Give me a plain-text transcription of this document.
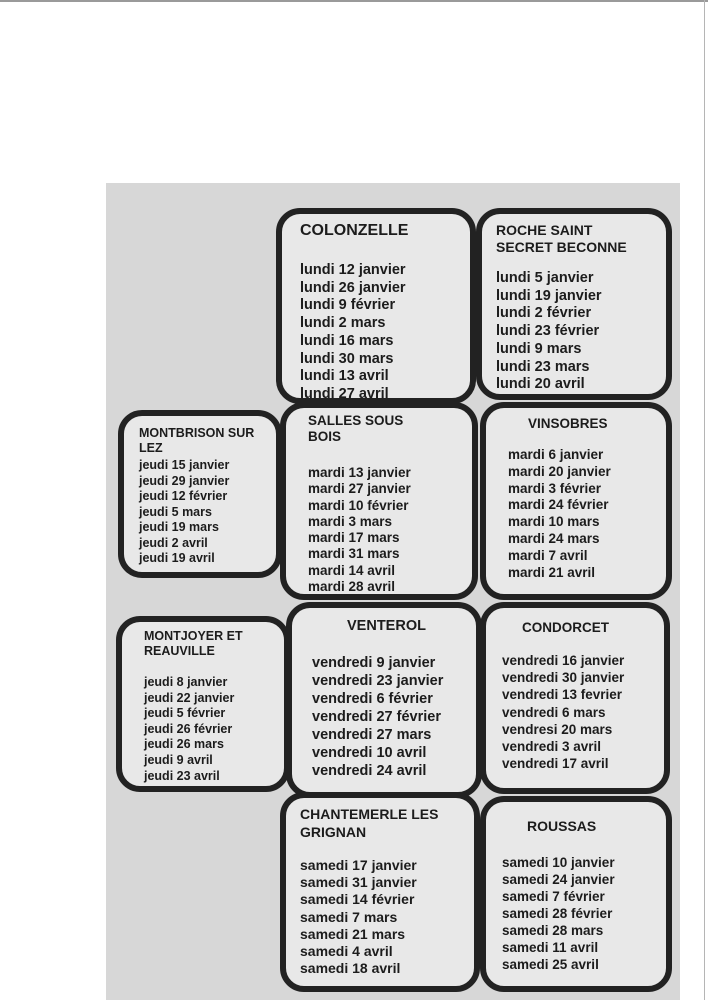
COLONZELLE
lundi 12 janvier
lundi 26 janvier
lundi 9 février
lundi 2 mars
lundi 16 mars
lundi 30 mars
lundi 13 avril
lundi 27 avril
ROCHE SAINT
SECRET BECONNE
lundi 5 janvier
lundi 19 janvier
lundi 2 février
lundi 23 février
lundi 9 mars
lundi 23 mars
lundi 20 avril
MONTBRISON SUR
LEZ
jeudi 15 janvier
jeudi 29 janvier
jeudi 12 février
jeudi 5 mars
jeudi 19 mars
jeudi 2 avril
jeudi 19 avril
SALLES SOUS
BOIS
mardi 13 janvier
mardi 27 janvier
mardi 10 février
mardi 3 mars
mardi 17 mars
mardi 31 mars
mardi 14 avril
mardi 28 avril
VINSOBRES
mardi 6 janvier
mardi 20 janvier
mardi 3 février
mardi 24 février
mardi 10 mars
mardi 24 mars
mardi 7 avril
mardi 21 avril
MONTJOYER ET
REAUVILLE
jeudi 8 janvier
jeudi 22 janvier
jeudi 5 février
jeudi 26 février
jeudi 26 mars
jeudi 9 avril
jeudi 23 avril
VENTEROL
vendredi 9 janvier
vendredi 23 janvier
vendredi 6 février
vendredi 27 février
vendredi 27 mars
vendredi 10 avril
vendredi 24 avril
CONDORCET
vendredi 16 janvier
vendredi 30 janvier
vendredi 13 fevrier
vendredi 6 mars
vendresi 20 mars
vendredi 3 avril
vendredi 17 avril
CHANTEMERLE LES
GRIGNAN
samedi 17 janvier
samedi 31 janvier
samedi 14 février
samedi 7 mars
samedi 21 mars
samedi 4 avril
samedi 18 avril
ROUSSAS
samedi 10 janvier
samedi 24 janvier
samedi 7 février
samedi 28 février
samedi 28 mars
samedi 11 avril
samedi 25 avril
